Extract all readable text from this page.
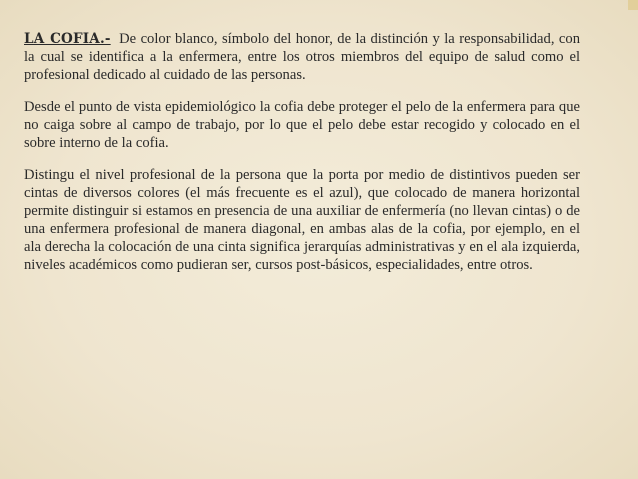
LA COFIA.- De color blanco, símbolo del honor, de la distinción y la responsabilidad, con la cual se identifica a la enfermera, entre los otros miembros del equipo de salud como el profesional dedicado al cuidado de las personas.

Desde el punto de vista epidemiológico la cofia debe proteger el pelo de la enfermera para que no caiga sobre al campo de trabajo, por lo que el pelo debe estar recogido y colocado en el sobre interno de la cofia.

Distingu el nivel profesional de la persona que la porta por medio de distintivos pueden ser cintas de diversos colores (el más frecuente es el azul), que colocado de manera horizontal permite distinguir si estamos en presencia de una auxiliar de enfermería (no llevan cintas) o de una enfermera profesional de manera diagonal, en ambas alas de la cofia, por ejemplo, en el ala derecha la colocación de una cinta significa jerarquías administrativas y en el ala izquierda, niveles académicos como pudieran ser, cursos post-básicos, especialidades, entre otros.
